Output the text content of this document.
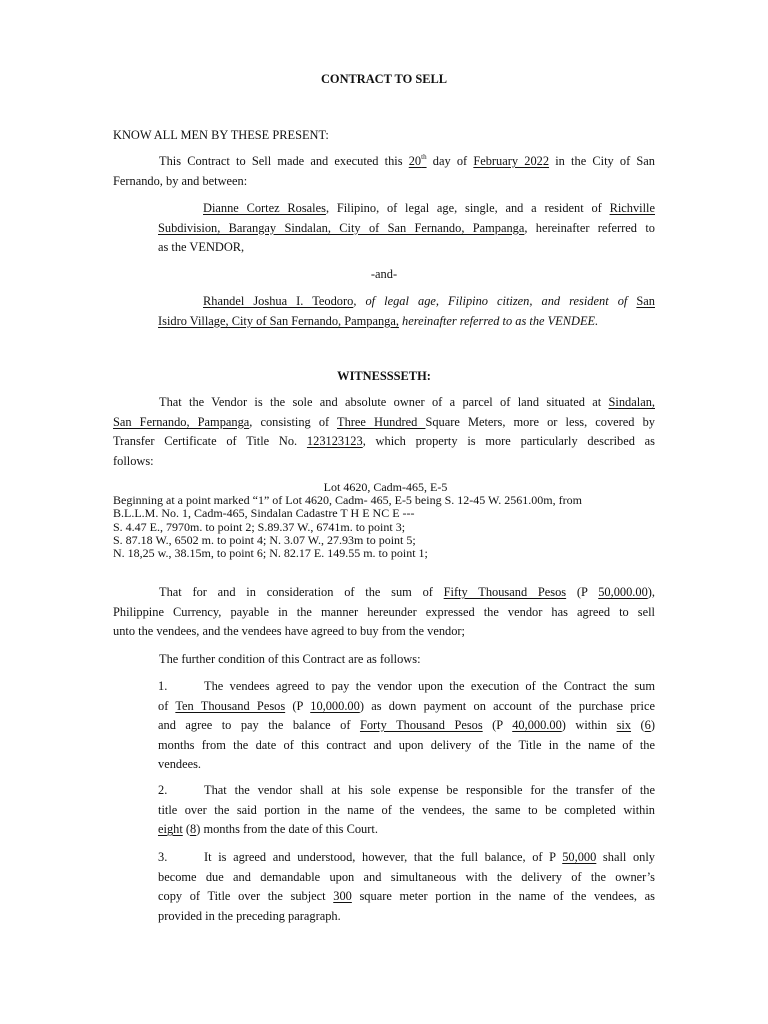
CONTRACT TO SELL
KNOW ALL MEN BY THESE PRESENT:
This Contract to Sell made and executed this 20th day of February 2022 in the City of San
Fernando, by and between:
Dianne Cortez Rosales, Filipino, of legal age, single, and a resident of Richville
Subdivision, Barangay Sindalan, City of San Fernando, Pampanga, hereinafter referred to
as the VENDOR,
-and-
Rhandel Joshua I. Teodoro, of legal age, Filipino citizen, and resident of San
Isidro Village, City of San Fernando, Pampanga, hereinafter referred to as the VENDEE.
WITNESSSETH:
That the Vendor is the sole and absolute owner of a parcel of land situated at Sindalan,
San Fernando, Pampanga, consisting of Three Hundred Square Meters, more or less, covered by
Transfer Certificate of Title No. 123123123, which property is more particularly described as
follows:
Lot 4620, Cadm-465, E-5
Beginning at a point marked “1” of Lot 4620, Cadm- 465, E-5 being S. 12-45 W. 2561.00m, from
B.L.L.M. No. 1, Cadm-465, Sindalan Cadastre T H E NC E ---
S. 4.47 E., 7970m. to point 2; S.89.37 W., 6741m. to point 3;
S. 87.18 W., 6502 m. to point 4; N. 3.07 W., 27.93m to point 5;
N. 18,25 w., 38.15m, to point 6; N. 82.17 E. 149.55 m. to point 1;
That for and in consideration of the sum of Fifty Thousand Pesos (P 50,000.00),
Philippine Currency, payable in the manner hereunder expressed the vendor has agreed to sell
unto the vendees, and the vendees have agreed to buy from the vendor;
The further condition of this Contract are as follows:
1.	The vendees agreed to pay the vendor upon the execution of the Contract the sum
of Ten Thousand Pesos (P 10,000.00) as down payment on account of the purchase price
and agree to pay the balance of Forty Thousand Pesos (P 40,000.00) within six (6)
months from the date of this contract and upon delivery of the Title in the name of the
vendees.
2.	That the vendor shall at his sole expense be responsible for the transfer of the
title over the said portion in the name of the vendees, the same to be completed within
eight (8) months from the date of this Court.
3.	It is agreed and understood, however, that the full balance, of P 50,000 shall only
become due and demandable upon and simultaneous with the delivery of the owner’s
copy of Title over the subject 300 square meter portion in the name of the vendees, as
provided in the preceding paragraph.
